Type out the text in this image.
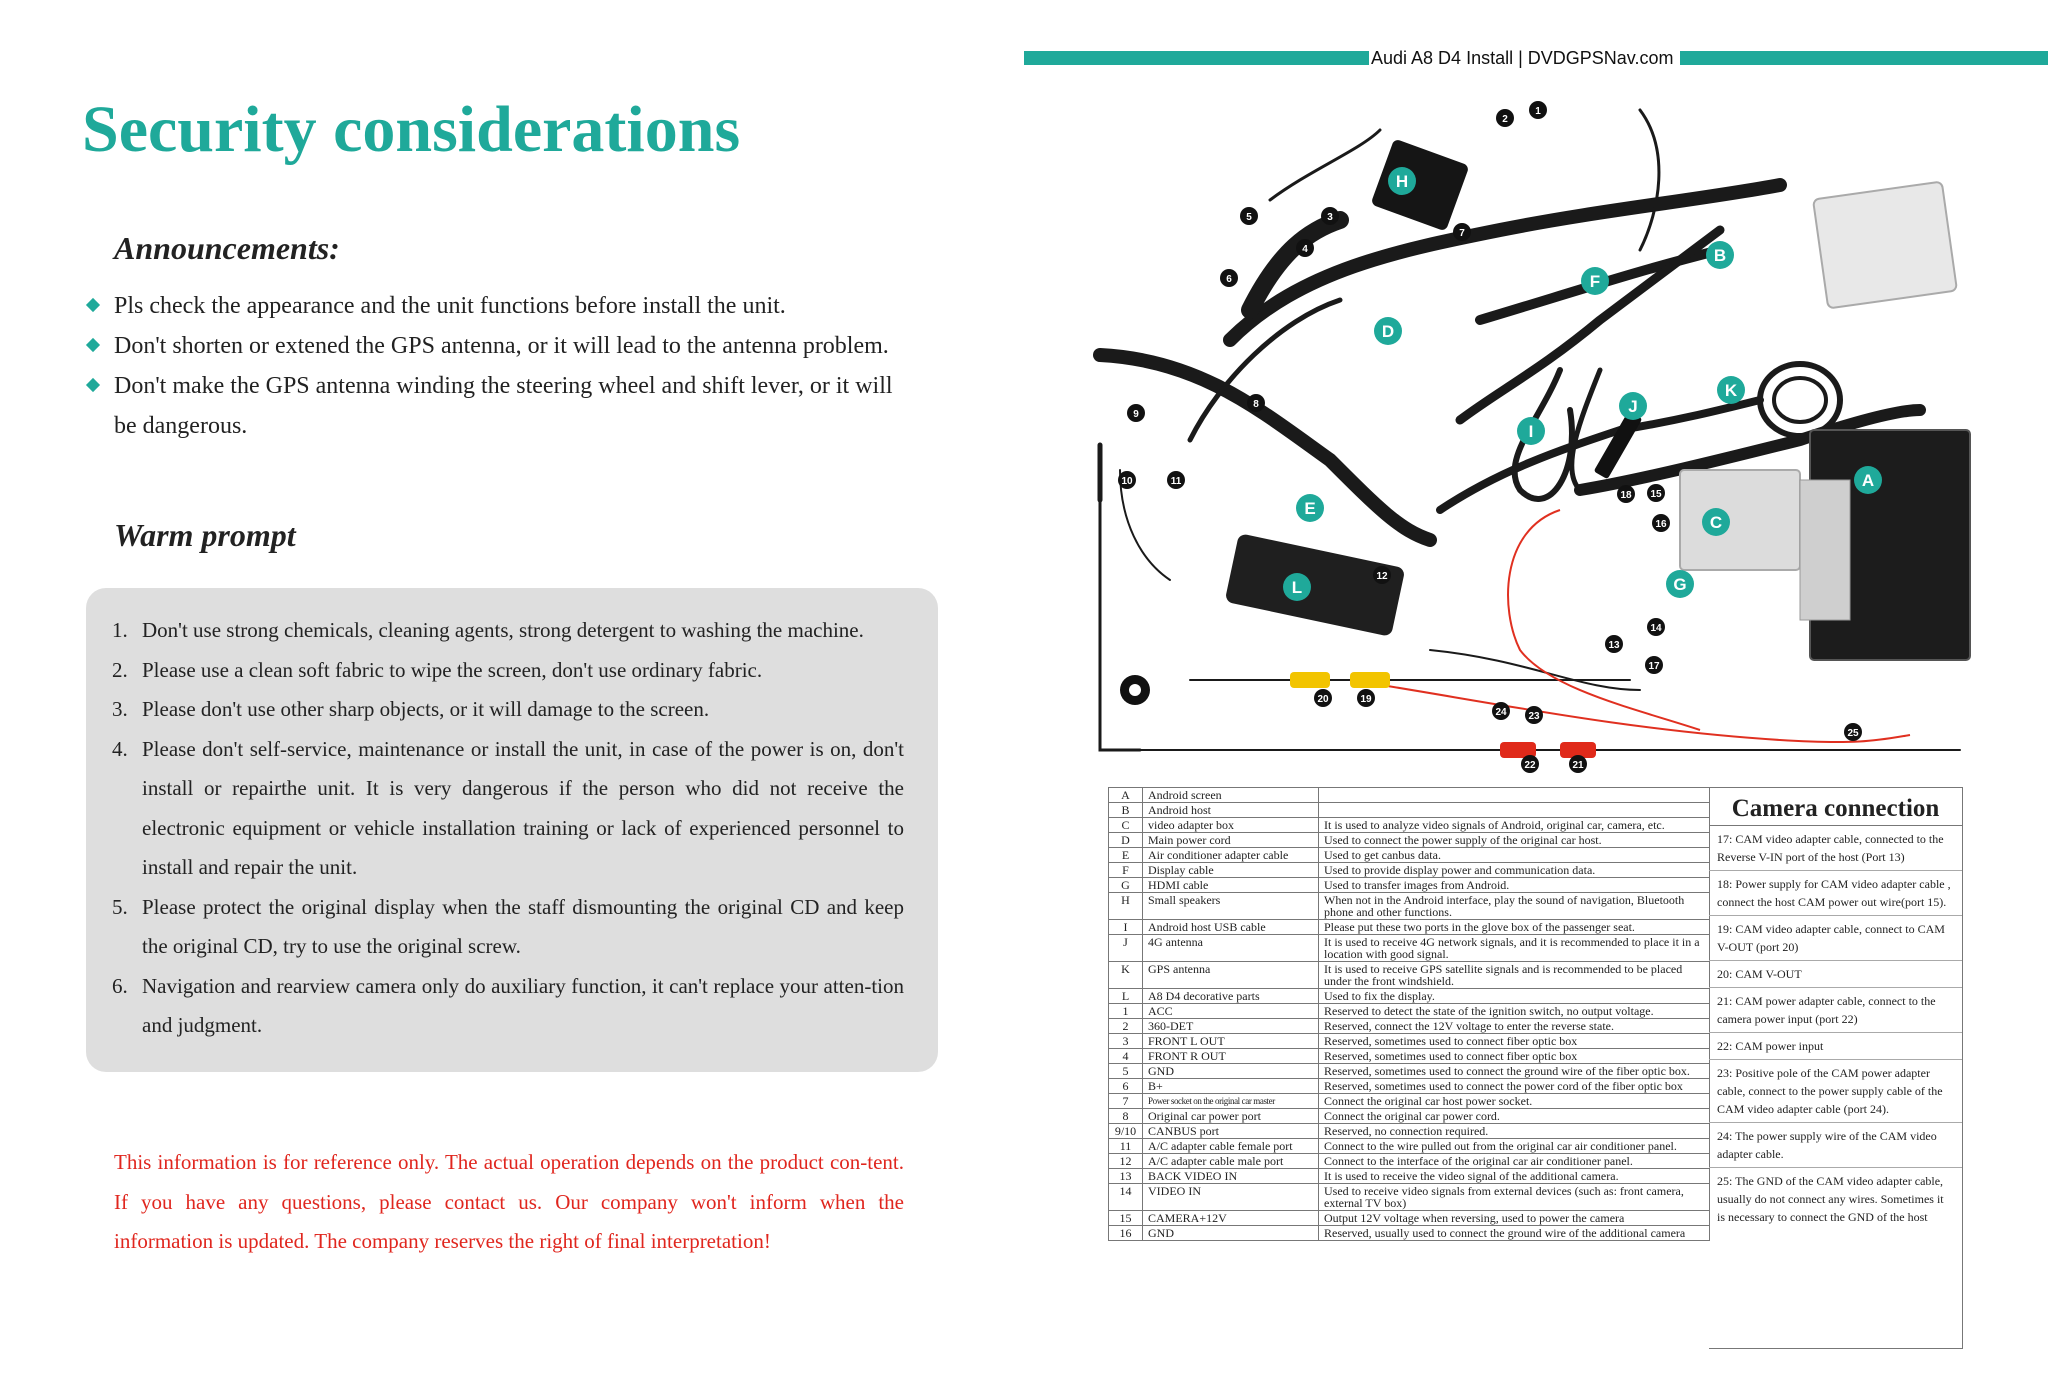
Audi A8 D4 Install | DVDGPSNav.com
Security considerations
Announcements:
Pls check the appearance and the unit functions before install the unit.
Don't shorten or extened the GPS antenna, or it will lead to the antenna problem.
Don't make the GPS antenna winding the steering wheel and shift lever, or it will be dangerous.
Warm prompt
1. Don't use strong chemicals, cleaning agents, strong detergent to washing the machine.
2. Please use a clean soft fabric to wipe the screen, don't use ordinary fabric.
3. Please don't use other sharp objects, or it will damage to the screen.
4. Please don't self-service, maintenance or install the unit, in case of the power is on, don't install or repairthe unit. It is very dangerous if the person who did not receive the electronic equipment or vehicle installation training or lack of experienced personnel to install and repair the unit.
5. Please protect the original display when the staff dismounting the original CD and keep the original CD, try to use the original screw.
6. Navigation and rearview camera only do auxiliary function, it can't replace your atten-tion and judgment.
This information is for reference only. The actual operation depends on the product con-tent. If you have any questions, please contact us. Our company won't inform when the information is updated. The company reserves the right of final interpretation!
A
B
C
D
E
F
G
H
I
J
K
L
1
2
3
4
5
6
7
8
9
10	11
12
13
14
15
16
17
18
19
20
21
22
23
24
25
A	Android screen	
B	Android host	
C	video adapter box	It is used to analyze video signals of Android, original car, camera, etc.
D	Main power cord	Used to connect the power supply of the original car host.
E	Air conditioner adapter cable	Used to get canbus data.
F	Display cable	Used to provide display power and communication data.
G	HDMI cable	Used to transfer images from Android.
H	Small speakers	When not in the Android interface, play the sound of navigation, Bluetooth phone and other functions.
I	Android host USB cable	Please put these two ports in the glove box of the passenger seat.
J	4G antenna	It is used to receive 4G network signals, and it is recommended to place it in a location with good signal.
K	GPS antenna	It is used to receive GPS satellite signals and is recommended to be placed under the front windshield.
L	A8 D4 decorative parts	Used to fix the display.
1	ACC	Reserved to detect the state of the ignition switch, no output voltage.
2	360-DET	Reserved, connect the 12V voltage to enter the reverse state.
3	FRONT L OUT	Reserved, sometimes used to connect fiber optic box
4	FRONT R OUT	Reserved, sometimes used to connect fiber optic box
5	GND	Reserved, sometimes used to connect the ground wire of the fiber optic box.
6	B+	Reserved, sometimes used to connect the power cord of the fiber optic box
7	Power socket on the original car master	Connect the original car host power socket.
8	Original car power port	Connect the original car power cord.
9/10	CANBUS port	Reserved, no connection required.
11	A/C adapter cable female port	Connect to the wire pulled out from the original car air conditioner panel.
12	A/C adapter cable male port	Connect to the interface of the original car air conditioner panel.
13	BACK VIDEO IN	It is used to receive the video signal of the additional camera.
14	VIDEO IN	Used to receive video signals from external devices (such as: front camera, external TV box)
15	CAMERA+12V	Output 12V voltage when reversing, used to power the camera
16	GND	Reserved, usually used to connect the ground wire of the additional camera
Camera connection
17: CAM video adapter cable, connected to the Reverse V-IN port of the host (Port 13)
18: Power supply for CAM video adapter cable , connect the host CAM power out wire(port 15).
19: CAM video adapter cable, connect to CAM V-OUT (port 20)
20: CAM V-OUT
21: CAM power adapter cable, connect to the camera power input (port 22)
22: CAM power input
23: Positive pole of the CAM power adapter cable, connect to the power supply cable of the CAM video adapter cable (port 24).
24: The power supply wire of the CAM video adapter cable.
25: The GND of the CAM video adapter cable, usually do not connect any wires. Sometimes it is necessary to connect the GND of the host
